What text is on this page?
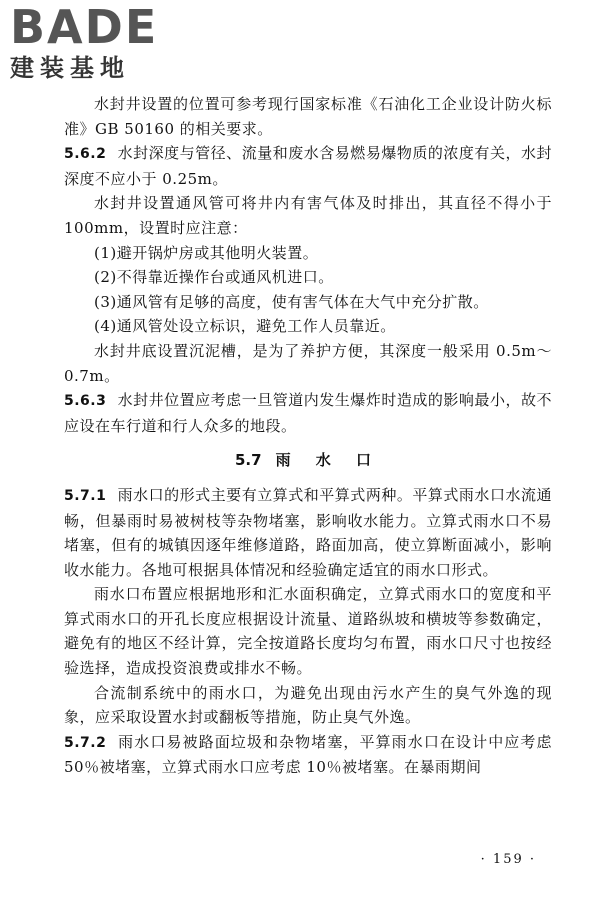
BADE
建装基地

水封井设置的位置可参考现行国家标准《石油化工企业设计防火标准》GB 50160 的相关要求。

5.6.2 水封深度与管径、流量和废水含易燃易爆物质的浓度有关，水封深度不应小于 0.25m。

水封井设置通风管可将井内有害气体及时排出，其直径不得小于 100mm，设置时应注意：

(1)避开锅炉房或其他明火装置。
(2)不得靠近操作台或通风机进口。
(3)通风管有足够的高度，使有害气体在大气中充分扩散。
(4)通风管处设立标识，避免工作人员靠近。

水封井底设置沉泥槽，是为了养护方便，其深度一般采用 0.5m～0.7m。

5.6.3 水封井位置应考虑一旦管道内发生爆炸时造成的影响最小，故不应设在车行道和行人众多的地段。

5.7 雨 水 口

5.7.1 雨水口的形式主要有立算式和平算式两种。平算式雨水口水流通畅，但暴雨时易被树枝等杂物堵塞，影响收水能力。立算式雨水口不易堵塞，但有的城镇因逐年维修道路，路面加高，使立算断面减小，影响收水能力。各地可根据具体情况和经验确定适宜的雨水口形式。

雨水口布置应根据地形和汇水面积确定，立算式雨水口的宽度和平算式雨水口的开孔长度应根据设计流量、道路纵坡和横坡等参数确定，避免有的地区不经计算，完全按道路长度均匀布置，雨水口尺寸也按经验选择，造成投资浪费或排水不畅。

合流制系统中的雨水口，为避免出现由污水产生的臭气外逸的现象，应采取设置水封或翻板等措施，防止臭气外逸。

5.7.2 雨水口易被路面垃圾和杂物堵塞，平算雨水口在设计中应考虑 50％被堵塞，立算式雨水口应考虑 10％被堵塞。在暴雨期间

· 159 ·
